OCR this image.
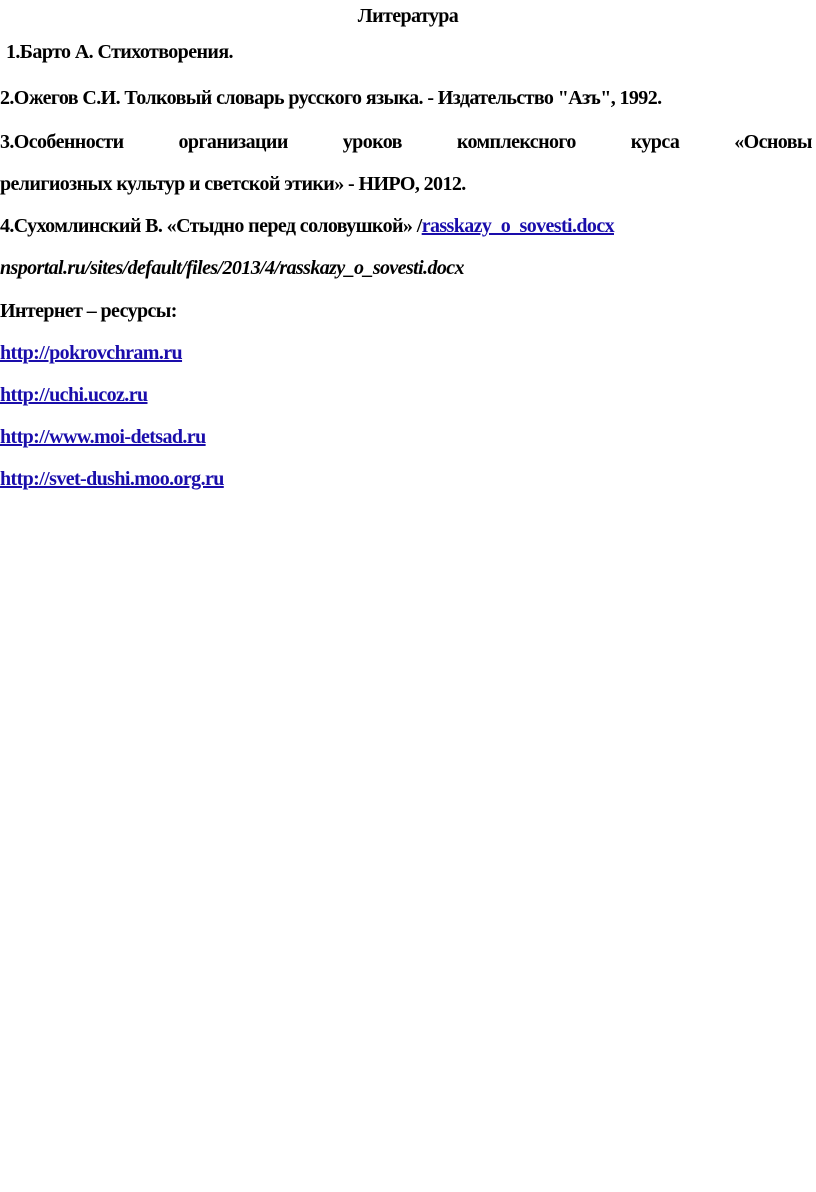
Литература
1.Барто А. Стихотворения.
2.Ожегов С.И. Толковый словарь русского языка. - Издательство "Азъ", 1992.
3.Особенности	организации	уроков	комплексного	курса	«Основы
религиозных культур и светской этики» - НИРО, 2012.
4.Сухомлинский В. «Стыдно перед соловушкой» /rasskazy_o_sovesti.docx
nsportal.ru/sites/default/files/2013/4/rasskazy_o_sovesti.docx
Интернет – ресурсы:
http://pokrovchram.ru
http://uchi.ucoz.ru
http://www.moi-detsad.ru
http://svet-dushi.moo.org.ru
